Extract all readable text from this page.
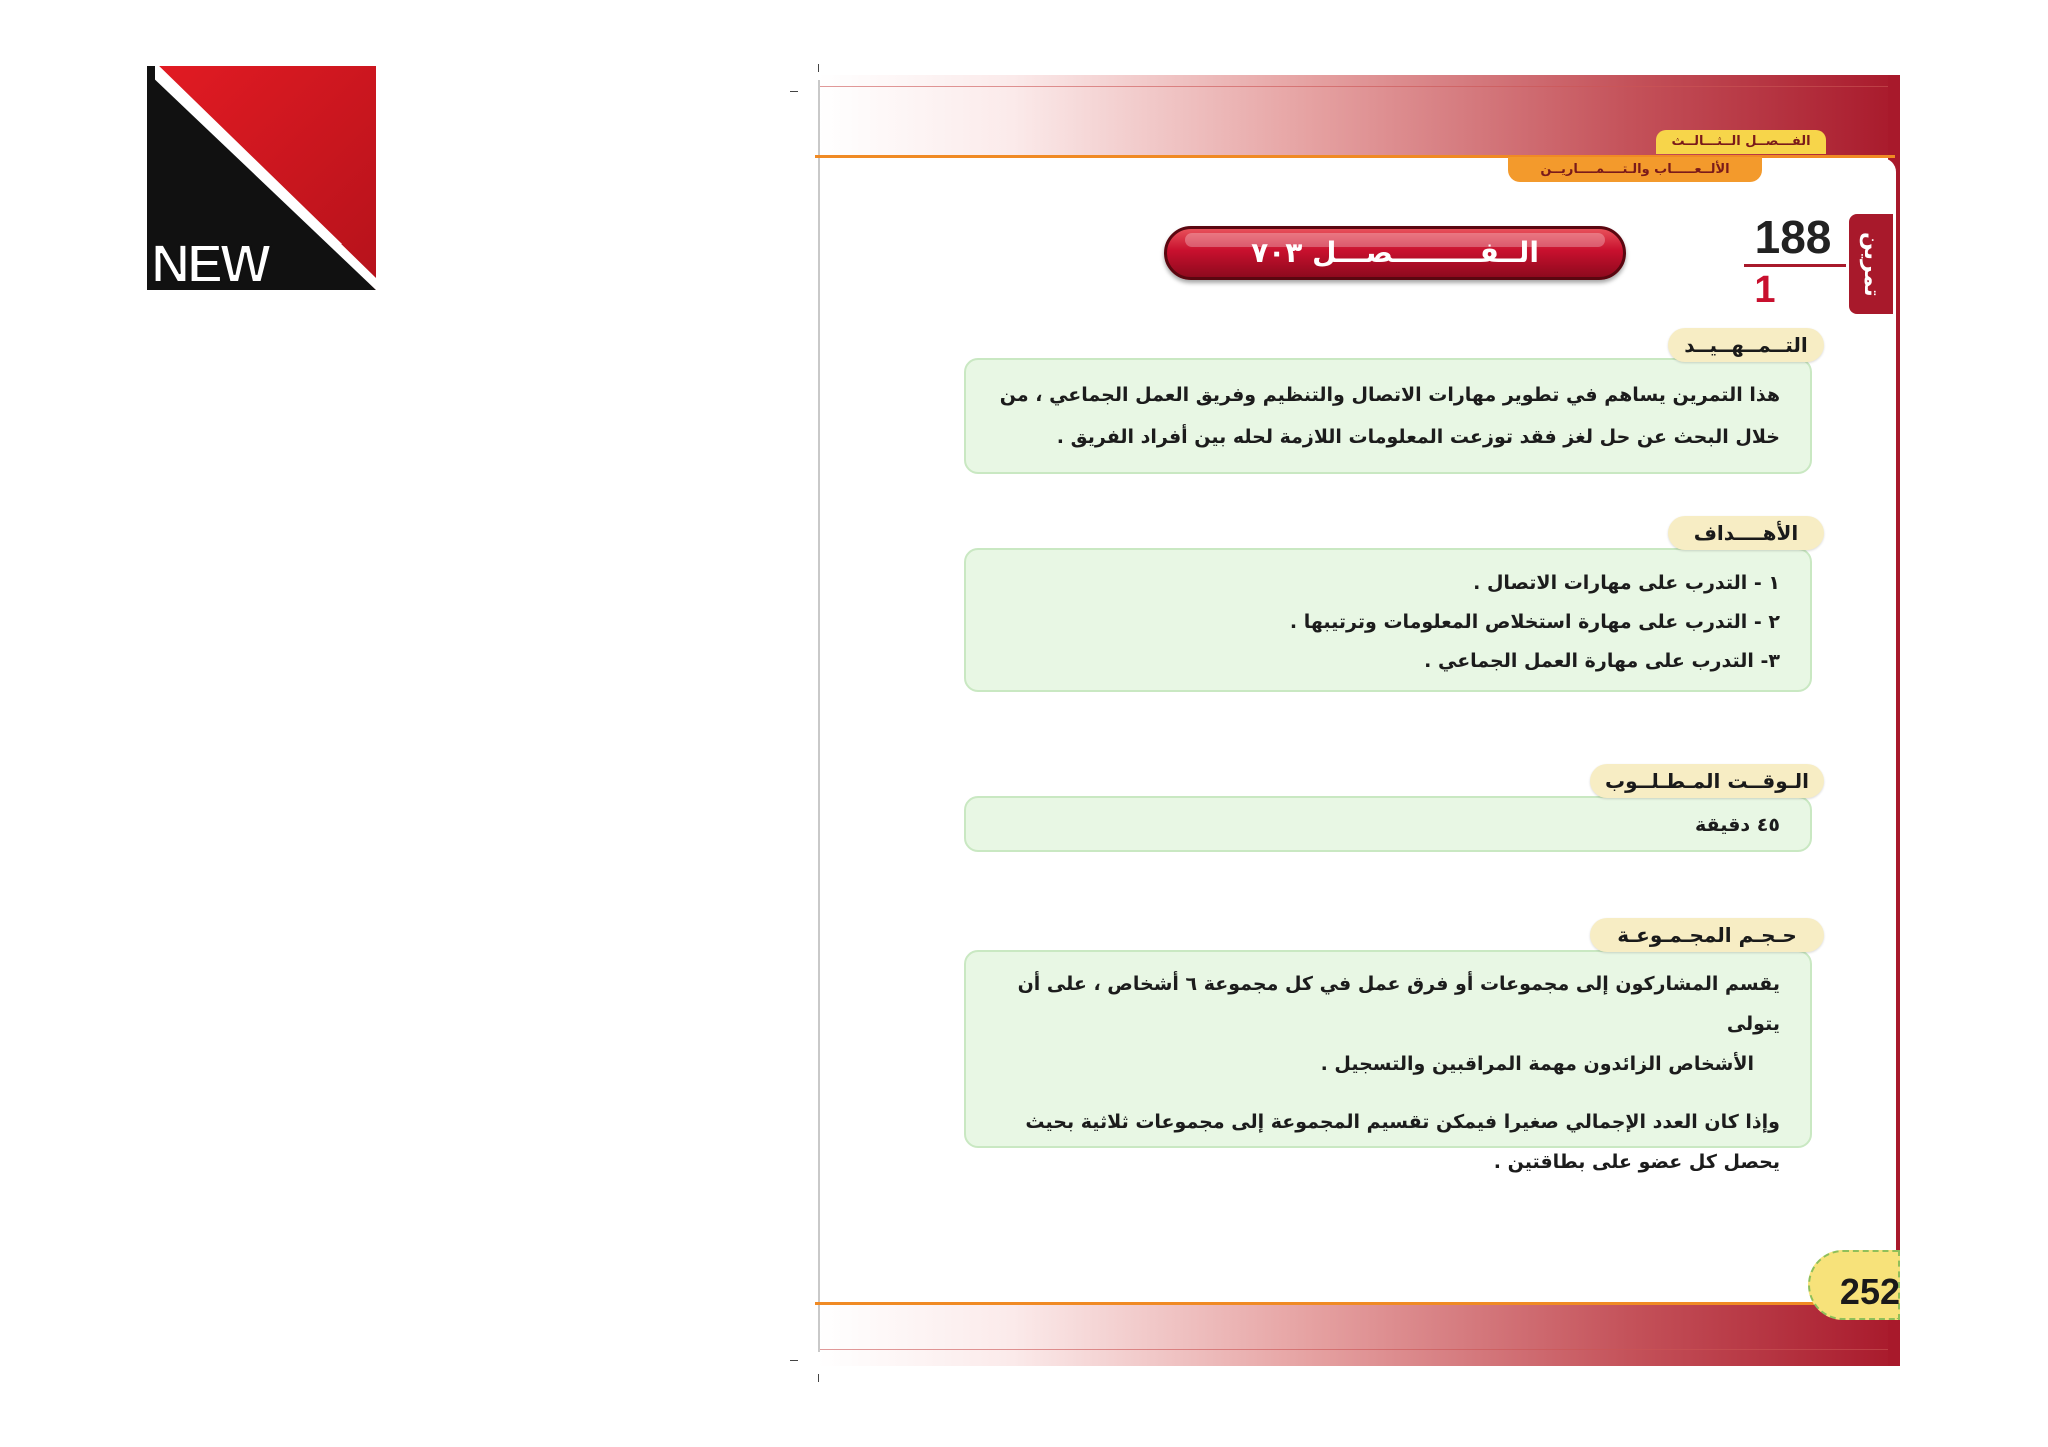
NEW
الفـــصــل الــثـــالــث
الألــعـــــاب والـتــــمــــاريــن
تمرين
188
1
الــفـــــــــصـــل ٧٠٣

هذا التمرين يساهم في تطوير مهارات الاتصال والتنظيم وفريق العمل الجماعي ، من

خلال البحث عن حل لغز فقد توزعت المعلومات اللازمة لحله بين أفراد الفريق .

التــمــهــيــد

١ - التدرب على مهارات الاتصال .

٢ - التدرب على مهارة استخلاص المعلومات وترتيبها .

٣- التدرب على مهارة العمل الجماعي .

الأهــــداف
٤٥ دقيقة
الـوقــت المـطـلــوب

يقسم المشاركون إلى مجموعات أو فرق عمل في كل مجموعة ٦ أشخاص ، على أن يتولى

الأشخاص الزائدون مهمة المراقبين والتسجيل .

وإذا كان العدد الإجمالي صغيرا فيمكن تقسيم المجموعة إلى مجموعات ثلاثية بحيث

يحصل كل عضو على بطاقتين .

حـجـم المجـمـوعـة
252
